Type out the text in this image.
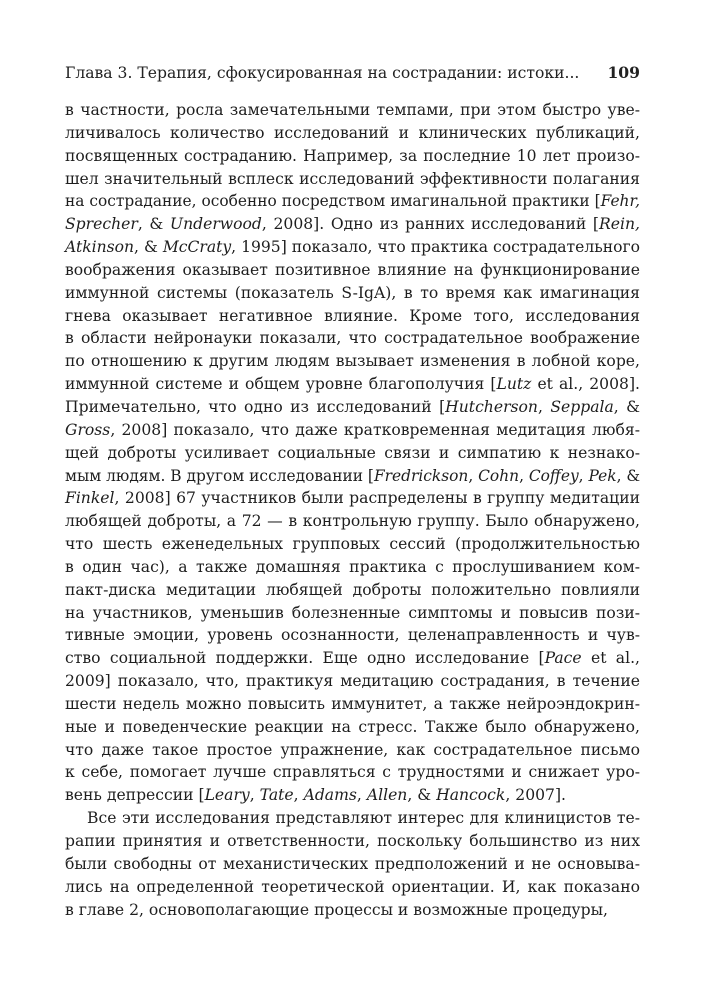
Глава 3. Терапия, сфокусированная на сострадании: истоки... 109
в частности, росла замечательными темпами, при этом быстро уве-
личивалось количество исследований и клинических публикаций,
посвященных состраданию. Например, за последние 10 лет произо-
шел значительный всплеск исследований эффективности полагания
на сострадание, особенно посредством имагинальной практики [Fehr,
Sprecher, & Underwood, 2008]. Одно из ранних исследований [Rein,
Atkinson, & McCraty, 1995] показало, что практика сострадательного
воображения оказывает позитивное влияние на функционирование
иммунной системы (показатель S-IgA), в то время как имагинация
гнева оказывает негативное влияние. Кроме того, исследования
в области нейронауки показали, что сострадательное воображение
по отношению к другим людям вызывает изменения в лобной коре,
иммунной системе и общем уровне благополучия [Lutz et al., 2008].
Примечательно, что одно из исследований [Hutcherson, Seppala, &
Gross, 2008] показало, что даже кратковременная медитация любя-
щей доброты усиливает социальные связи и симпатию к незнако-
мым людям. В другом исследовании [Fredrickson, Cohn, Coffey, Pek, &
Finkel, 2008] 67 участников были распределены в группу медитации
любящей доброты, а 72 — в контрольную группу. Было обнаружено,
что шесть еженедельных групповых сессий (продолжительностью
в один час), а также домашняя практика с прослушиванием ком-
пакт-диска медитации любящей доброты положительно повлияли
на участников, уменьшив болезненные симптомы и повысив пози-
тивные эмоции, уровень осознанности, целенаправленность и чув-
ство социальной поддержки. Еще одно исследование [Pace et al.,
2009] показало, что, практикуя медитацию сострадания, в течение
шести недель можно повысить иммунитет, а также нейроэндокрин-
ные и поведенческие реакции на стресс. Также было обнаружено,
что даже такое простое упражнение, как сострадательное письмо
к себе, помогает лучше справляться с трудностями и снижает уро-
вень депрессии [Leary, Tate, Adams, Allen, & Hancock, 2007].
Все эти исследования представляют интерес для клиницистов те-
рапии принятия и ответственности, поскольку большинство из них
были свободны от механистических предположений и не основыва-
лись на определенной теоретической ориентации. И, как показано
в главе 2, основополагающие процессы и возможные процедуры,
